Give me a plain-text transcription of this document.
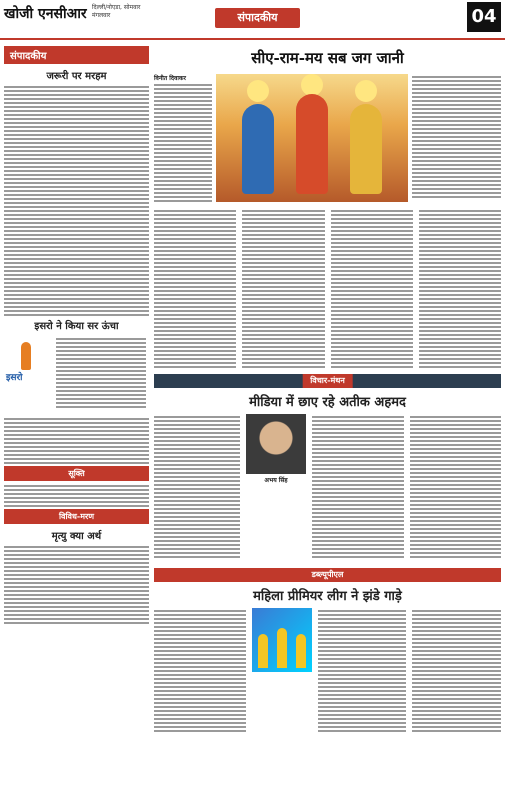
खोजी एनसीआर दिल्ली/नोएडा, सोमवार
मंगलवार	संपादकीय	04
संपादकीय
जरूरी पर मरहम
इसरो ने किया सर ऊंचा
इसरो
सूक्ति
विविध-मरण
मृत्यु क्या अर्थ
सीए-राम-मय सब जग जानी
विनीत दिवाकर
विचार-मंथन
मीडिया में छाए रहे अतीक अहमद
अभय सिंह
डब्ल्यूपीएल
महिला प्रीमियर लीग ने झंडे गाड़े
